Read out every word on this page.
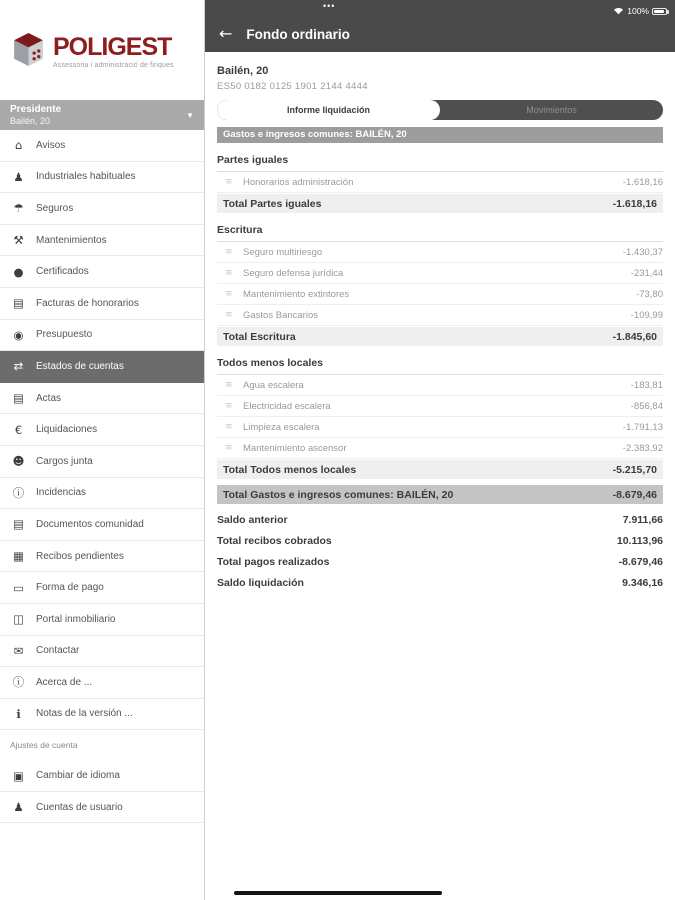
POLIGEST
Assessoria i administració de finques
Presidente
Bailén, 20
▼
⌂	Avisos
♟	Industriales habituales
☂	Seguros
⚒	Mantenimientos
●	Certificados
▤	Facturas de honorarios
◉	Presupuesto
⇄	Estados de cuentas
▤	Actas
€	Liquidaciones
☻ Cargos junta
ⓘ Incidencias
▤	Documentos comunidad
▦	Recibos pendientes
▭	Forma de pago
◫	Portal inmobiliario
✉	Contactar
ⓘ Acerca de ...
ℹ	Notas de la versión ...
Ajustes de cuenta
▣	Cambiar de idioma
♟	Cuentas de usuario
•••	100%
← Fondo ordinario
Bailén, 20
ES50 0182 0125 1901 2144 4444
Informe liquidación	Movimientos
Gastos e ingresos comunes: BAILÉN, 20
Partes iguales
≡	Honorarios administración	-1.618,16
Total Partes iguales	-1.618,16
Escritura
≡	Seguro multiriesgo	-1.430,37
≡	Seguro defensa jurídica	-231,44
≡	Mantenimiento extintores	-73,80
≡	Gastos Bancarios	-109,99
Total Escritura	-1.845,60
Todos menos locales
≡	Agua escalera	-183,81
≡	Electricidad escalera	-856,84
≡	Limpieza escalera	-1.791,13
≡	Mantenimiento ascensor	-2.383,92
Total Todos menos locales	-5.215,70
Total Gastos e ingresos comunes: BAILÉN, 20	-8.679,46
Saldo anterior	7.911,66
Total recibos cobrados	10.113,96
Total pagos realizados	-8.679,46
Saldo liquidación	9.346,16
